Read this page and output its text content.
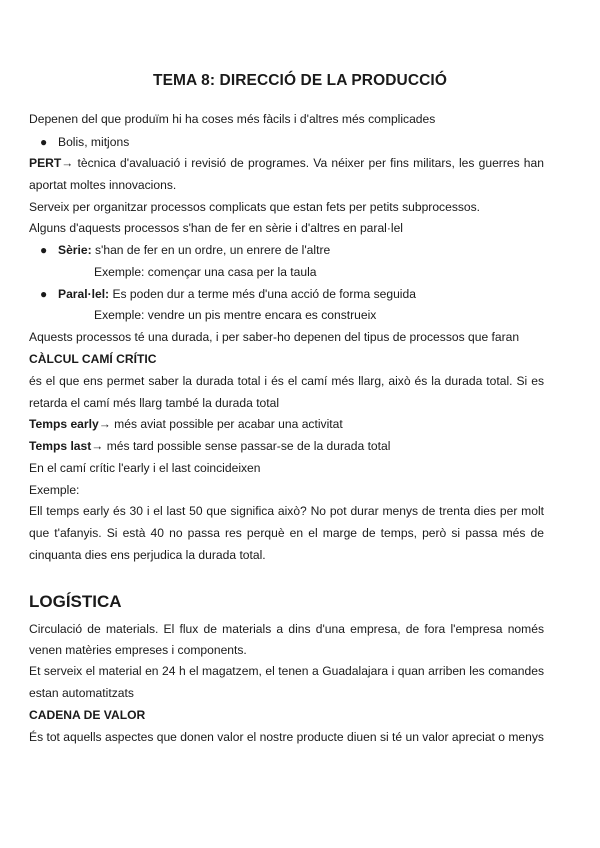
TEMA 8: DIRECCIÓ DE LA PRODUCCIÓ
Depenen del que produïm hi ha coses més fàcils i d'altres més complicades
● Bolis, mitjons
PERT→ tècnica d'avaluació i revisió de programes. Va néixer per fins militars, les guerres han
aportat moltes innovacions.
Serveix per organitzar processos complicats que estan fets per petits subprocessos.
Alguns d'aquests processos s'han de fer en sèrie i d'altres en paral·lel
● Sèrie: s'han de fer en un ordre, un enrere de l'altre
Exemple: començar una casa per la taula
● Paral·lel: Es poden dur a terme més d'una acció de forma seguida
Exemple: vendre un pis mentre encara es construeix
Aquests processos té una durada, i per saber-ho depenen del tipus de processos que faran
CÀLCUL CAMÍ CRÍTIC
és el que ens permet saber la durada total i és el camí més llarg, això és la durada total. Si es
retarda el camí més llarg també la durada total
Temps early→ més aviat possible per acabar una activitat
Temps last→ més tard possible sense passar-se de la durada total
En el camí crític l'early i el last coincideixen
Exemple:
Ell temps early és 30 i el last 50 que significa això? No pot durar menys de trenta dies per molt
que t'afanyis. Si està 40 no passa res perquè en el marge de temps, però si passa més de
cinquanta dies ens perjudica la durada total.
LOGÍSTICA
Circulació de materials. El flux de materials a dins d'una empresa, de fora l'empresa només
venen matèries empreses i components.
Et serveix el material en 24 h el magatzem, el tenen a Guadalajara i quan arriben les comandes
estan automatitzats
CADENA DE VALOR
És tot aquells aspectes que donen valor el nostre producte diuen si té un valor apreciat o menys
